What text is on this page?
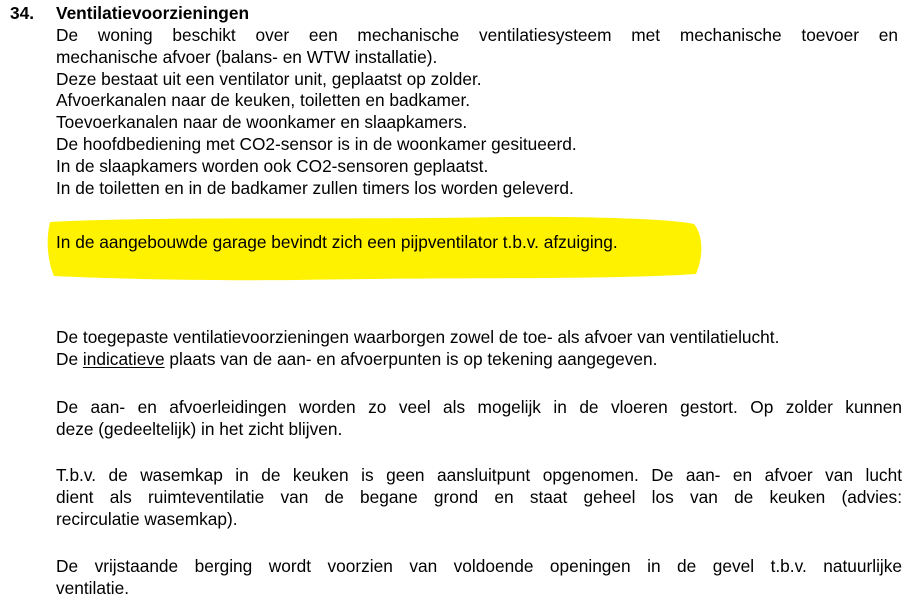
34. Ventilatievoorzieningen
De woning beschikt over een mechanische ventilatiesysteem met mechanische toevoer en
mechanische afvoer (balans- en WTW installatie).
Deze bestaat uit een ventilator unit, geplaatst op zolder.
Afvoerkanalen naar de keuken, toiletten en badkamer.
Toevoerkanalen naar de woonkamer en slaapkamers.
De hoofdbediening met CO2-sensor is in de woonkamer gesitueerd.
In de slaapkamers worden ook CO2-sensoren geplaatst.
In de toiletten en in de badkamer zullen timers los worden geleverd.
In de aangebouwde garage bevindt zich een pijpventilator t.b.v. afzuiging.
De toegepaste ventilatievoorzieningen waarborgen zowel de toe- als afvoer van ventilatielucht.
De indicatieve plaats van de aan- en afvoerpunten is op tekening aangegeven.
De aan- en afvoerleidingen worden zo veel als mogelijk in de vloeren gestort. Op zolder kunnen
deze (gedeeltelijk) in het zicht blijven.
T.b.v. de wasemkap in de keuken is geen aansluitpunt opgenomen. De aan- en afvoer van lucht
dient als ruimteventilatie van de begane grond en staat geheel los van de keuken (advies:
recirculatie wasemkap).
De vrijstaande berging wordt voorzien van voldoende openingen in de gevel t.b.v. natuurlijke
ventilatie.
